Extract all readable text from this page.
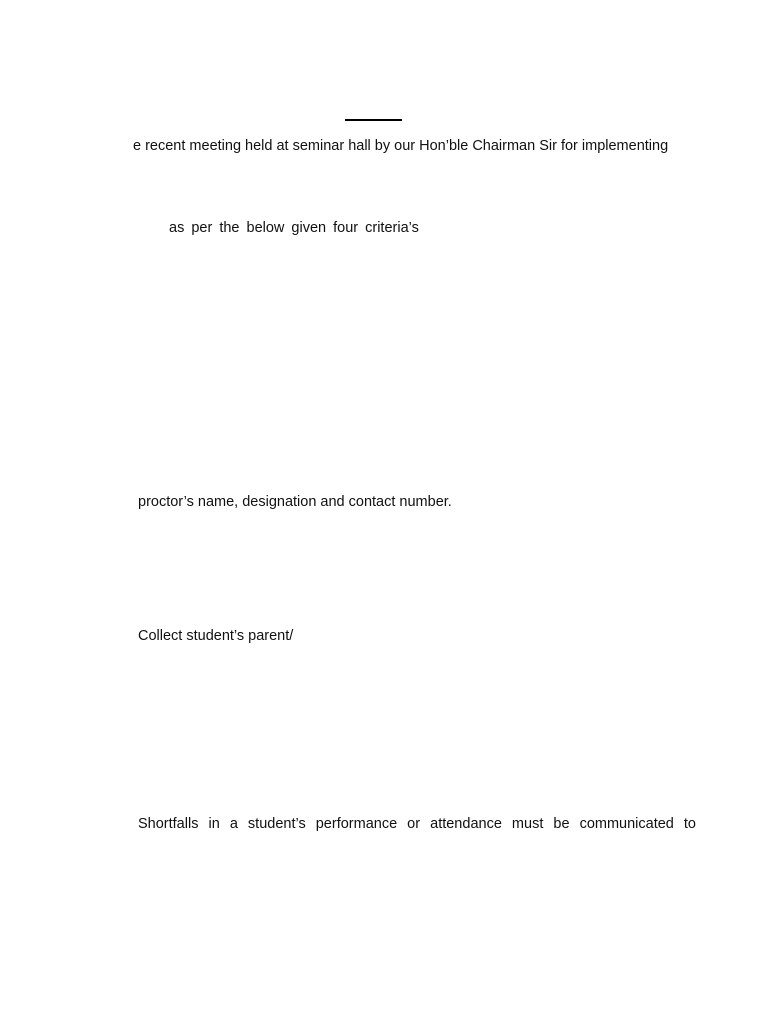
e recent meeting held at seminar hall by our Hon’ble Chairman Sir for implementing
as per the below given four criteria’s
proctor’s name, designation and contact number.
Collect student’s parent/
Shortfalls in a student’s performance or attendance must be communicated to
